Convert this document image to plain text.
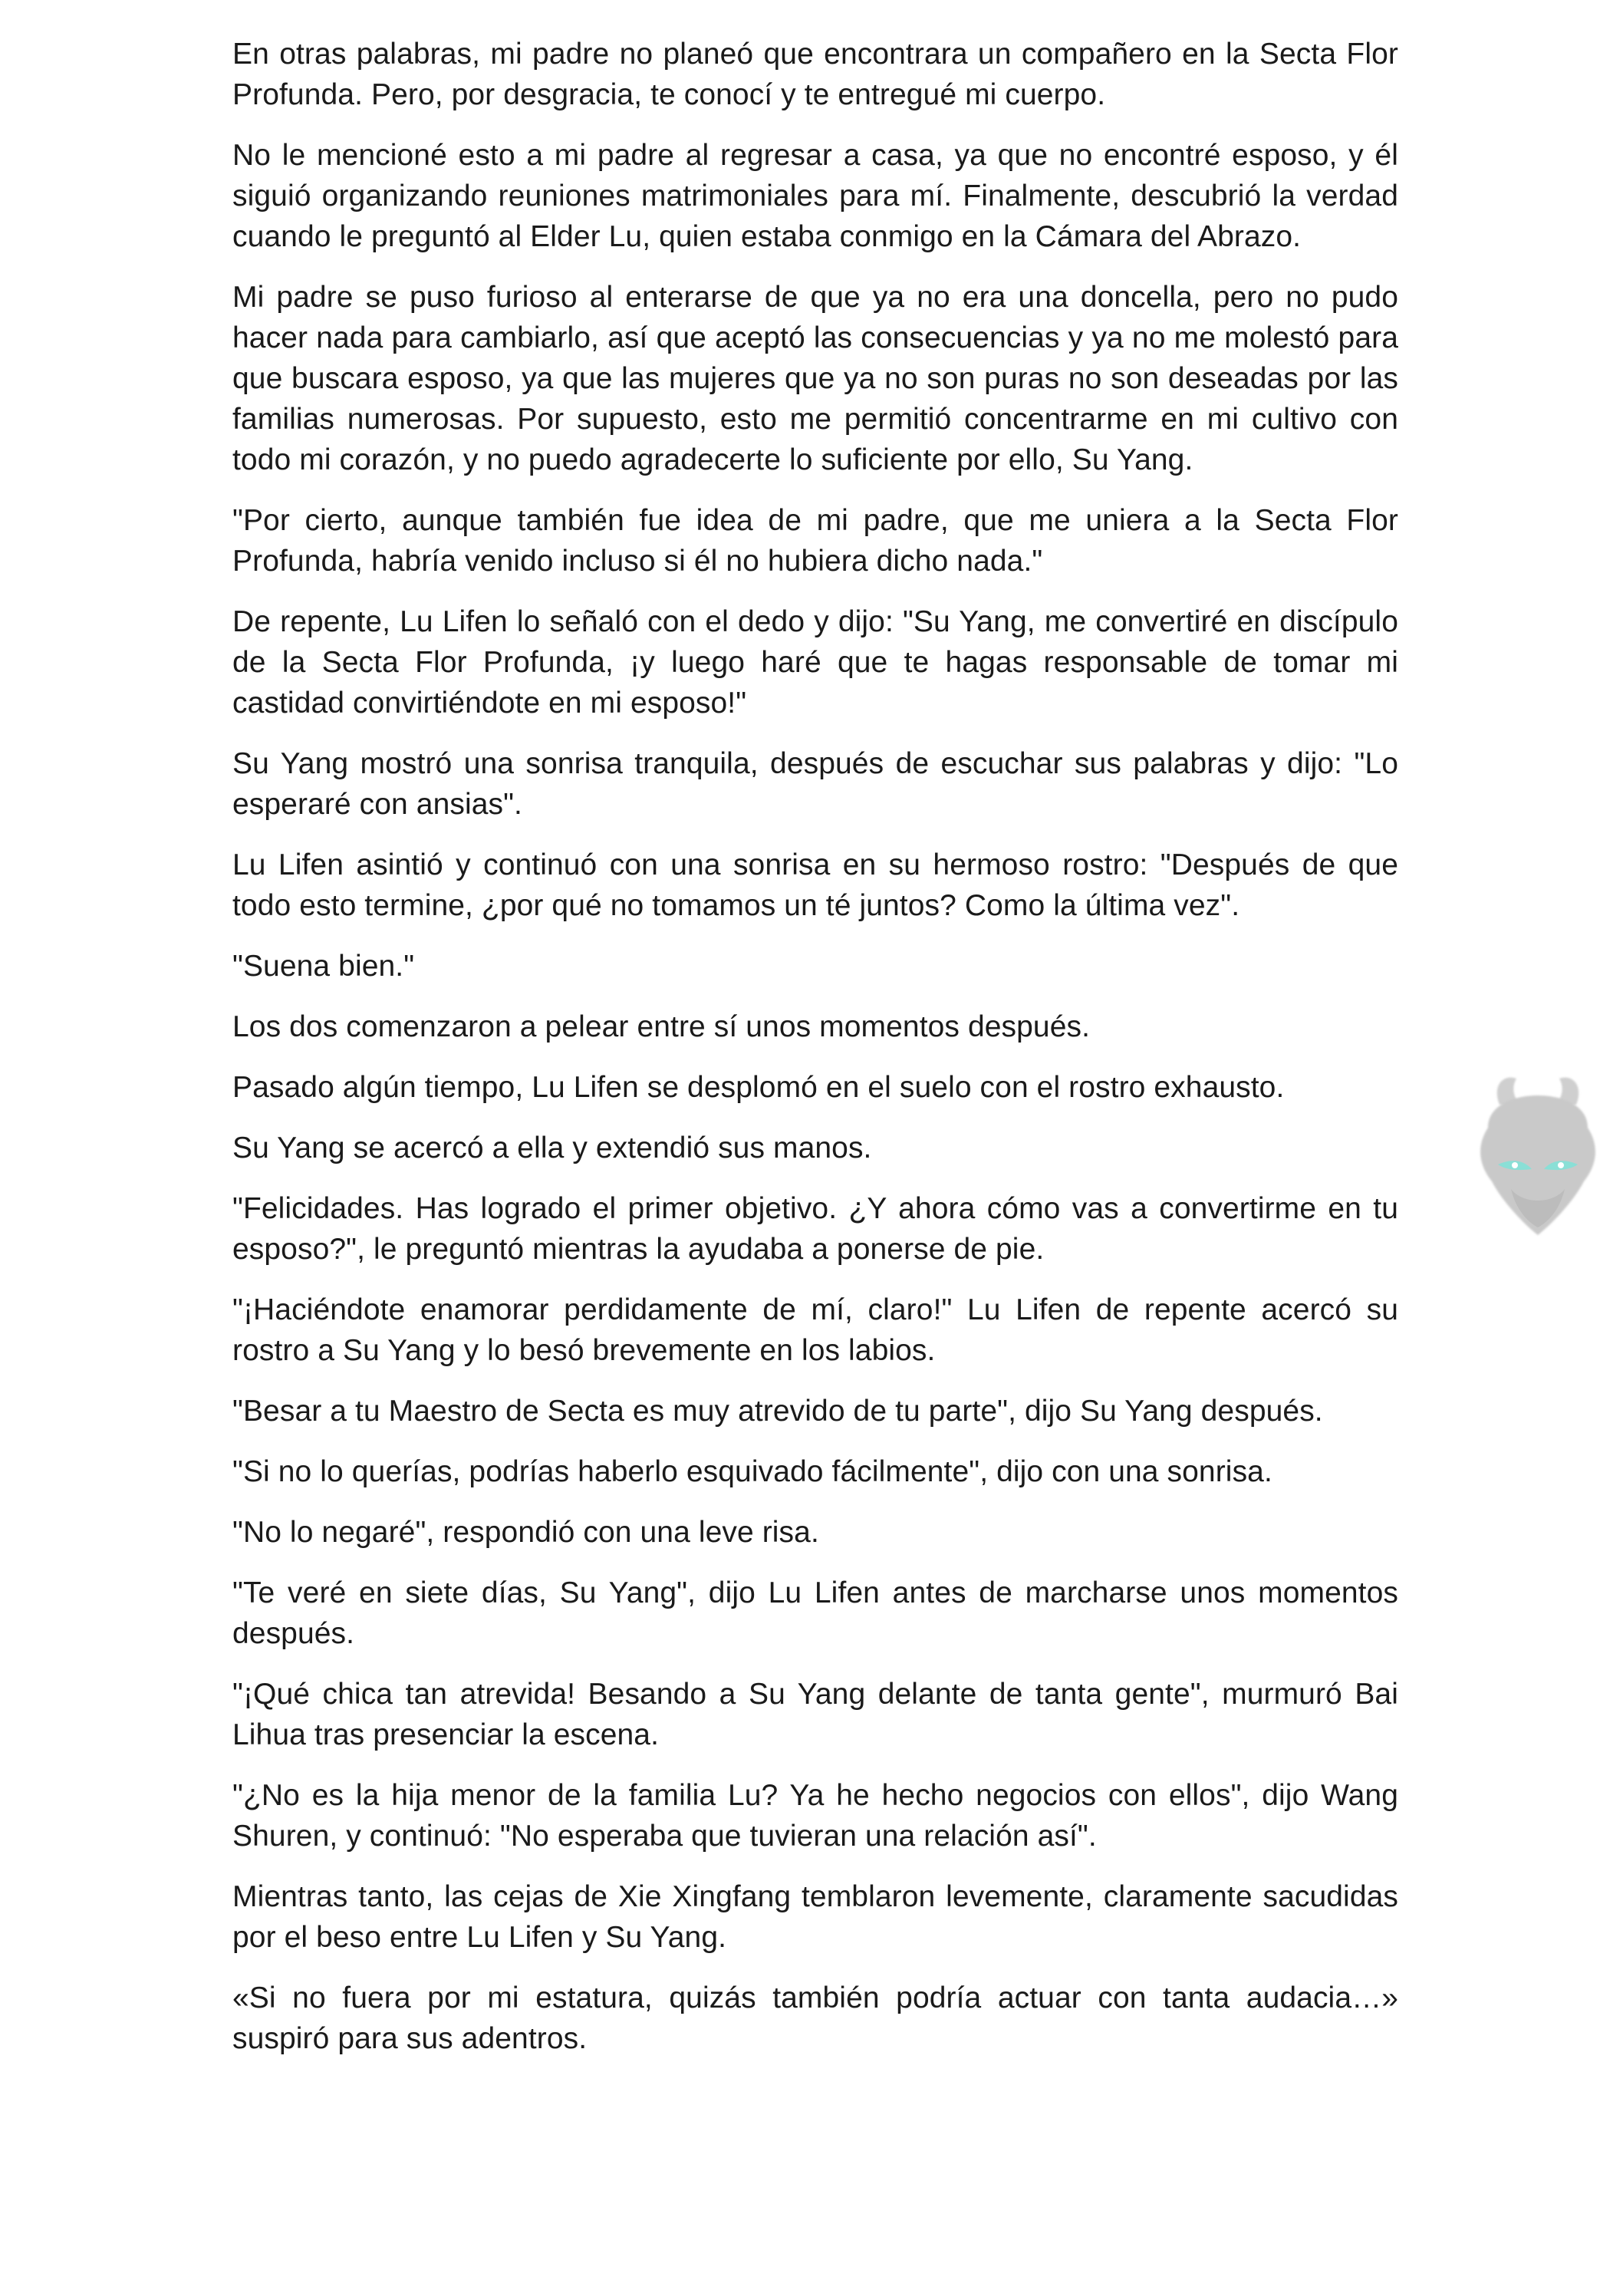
En otras palabras, mi padre no planeó que encontrara un compañero en la Secta Flor Profunda. Pero, por desgracia, te conocí y te entregué mi cuerpo.

No le mencioné esto a mi padre al regresar a casa, ya que no encontré esposo, y él siguió organizando reuniones matrimoniales para mí. Finalmente, descubrió la verdad cuando le preguntó al Elder Lu, quien estaba conmigo en la Cámara del Abrazo.

Mi padre se puso furioso al enterarse de que ya no era una doncella, pero no pudo hacer nada para cambiarlo, así que aceptó las consecuencias y ya no me molestó para que buscara esposo, ya que las mujeres que ya no son puras no son deseadas por las familias numerosas. Por supuesto, esto me permitió concentrarme en mi cultivo con todo mi corazón, y no puedo agradecerte lo suficiente por ello, Su Yang.

"Por cierto, aunque también fue idea de mi padre, que me uniera a la Secta Flor Profunda, habría venido incluso si él no hubiera dicho nada."

De repente, Lu Lifen lo señaló con el dedo y dijo: "Su Yang, me convertiré en discípulo de la Secta Flor Profunda, ¡y luego haré que te hagas responsable de tomar mi castidad convirtiéndote en mi esposo!"

Su Yang mostró una sonrisa tranquila, después de escuchar sus palabras y dijo: "Lo esperaré con ansias".

Lu Lifen asintió y continuó con una sonrisa en su hermoso rostro: "Después de que todo esto termine, ¿por qué no tomamos un té juntos? Como la última vez".

"Suena bien."

Los dos comenzaron a pelear entre sí unos momentos después.

Pasado algún tiempo, Lu Lifen se desplomó en el suelo con el rostro exhausto.

Su Yang se acercó a ella y extendió sus manos.

"Felicidades. Has logrado el primer objetivo. ¿Y ahora cómo vas a convertirme en tu esposo?", le preguntó mientras la ayudaba a ponerse de pie.

"¡Haciéndote enamorar perdidamente de mí, claro!" Lu Lifen de repente acercó su rostro a Su Yang y lo besó brevemente en los labios.

"Besar a tu Maestro de Secta es muy atrevido de tu parte", dijo Su Yang después.

"Si no lo querías, podrías haberlo esquivado fácilmente", dijo con una sonrisa.

"No lo negaré", respondió con una leve risa.

"Te veré en siete días, Su Yang", dijo Lu Lifen antes de marcharse unos momentos después.

"¡Qué chica tan atrevida! Besando a Su Yang delante de tanta gente", murmuró Bai Lihua tras presenciar la escena.

"¿No es la hija menor de la familia Lu? Ya he hecho negocios con ellos", dijo Wang Shuren, y continuó: "No esperaba que tuvieran una relación así".

Mientras tanto, las cejas de Xie Xingfang temblaron levemente, claramente sacudidas por el beso entre Lu Lifen y Su Yang.

«Si no fuera por mi estatura, quizás también podría actuar con tanta audacia…» suspiró para sus adentros.
